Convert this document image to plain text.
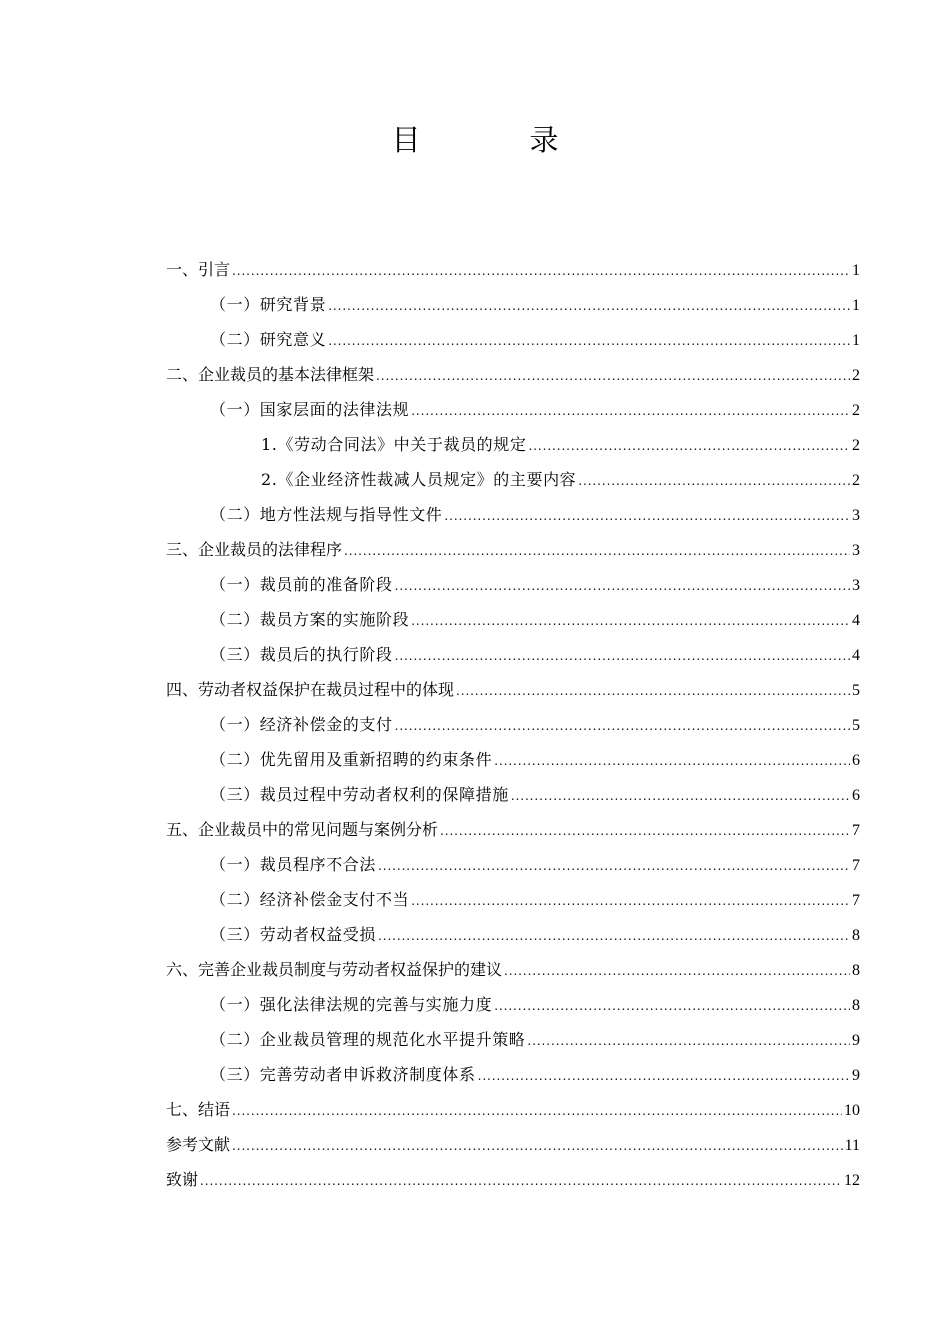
目　录
一、引言 .....	1
（一）研究背景 .....	1
（二）研究意义 .....	1
二、企业裁员的基本法律框架 .....	2
（一）国家层面的法律法规 .....	2
1.《劳动合同法》中关于裁员的规定 .....	2
2.《企业经济性裁减人员规定》的主要内容 .....	2
（二）地方性法规与指导性文件 .....	3
三、企业裁员的法律程序 .....	3
（一）裁员前的准备阶段 .....	3
（二）裁员方案的实施阶段 .....	4
（三）裁员后的执行阶段 .....	4
四、劳动者权益保护在裁员过程中的体现 .....	5
（一）经济补偿金的支付 .....	5
（二）优先留用及重新招聘的约束条件 .....	6
（三）裁员过程中劳动者权利的保障措施 .....	6
五、企业裁员中的常见问题与案例分析 .....	7
（一）裁员程序不合法 .....	7
（二）经济补偿金支付不当 .....	7
（三）劳动者权益受损 .....	8
六、完善企业裁员制度与劳动者权益保护的建议 .....	8
（一）强化法律法规的完善与实施力度 .....	8
（二）企业裁员管理的规范化水平提升策略 .....	9
（三）完善劳动者申诉救济制度体系 .....	9
七、结语 .....	10
参考文献 .....	11
致谢 .....	12
